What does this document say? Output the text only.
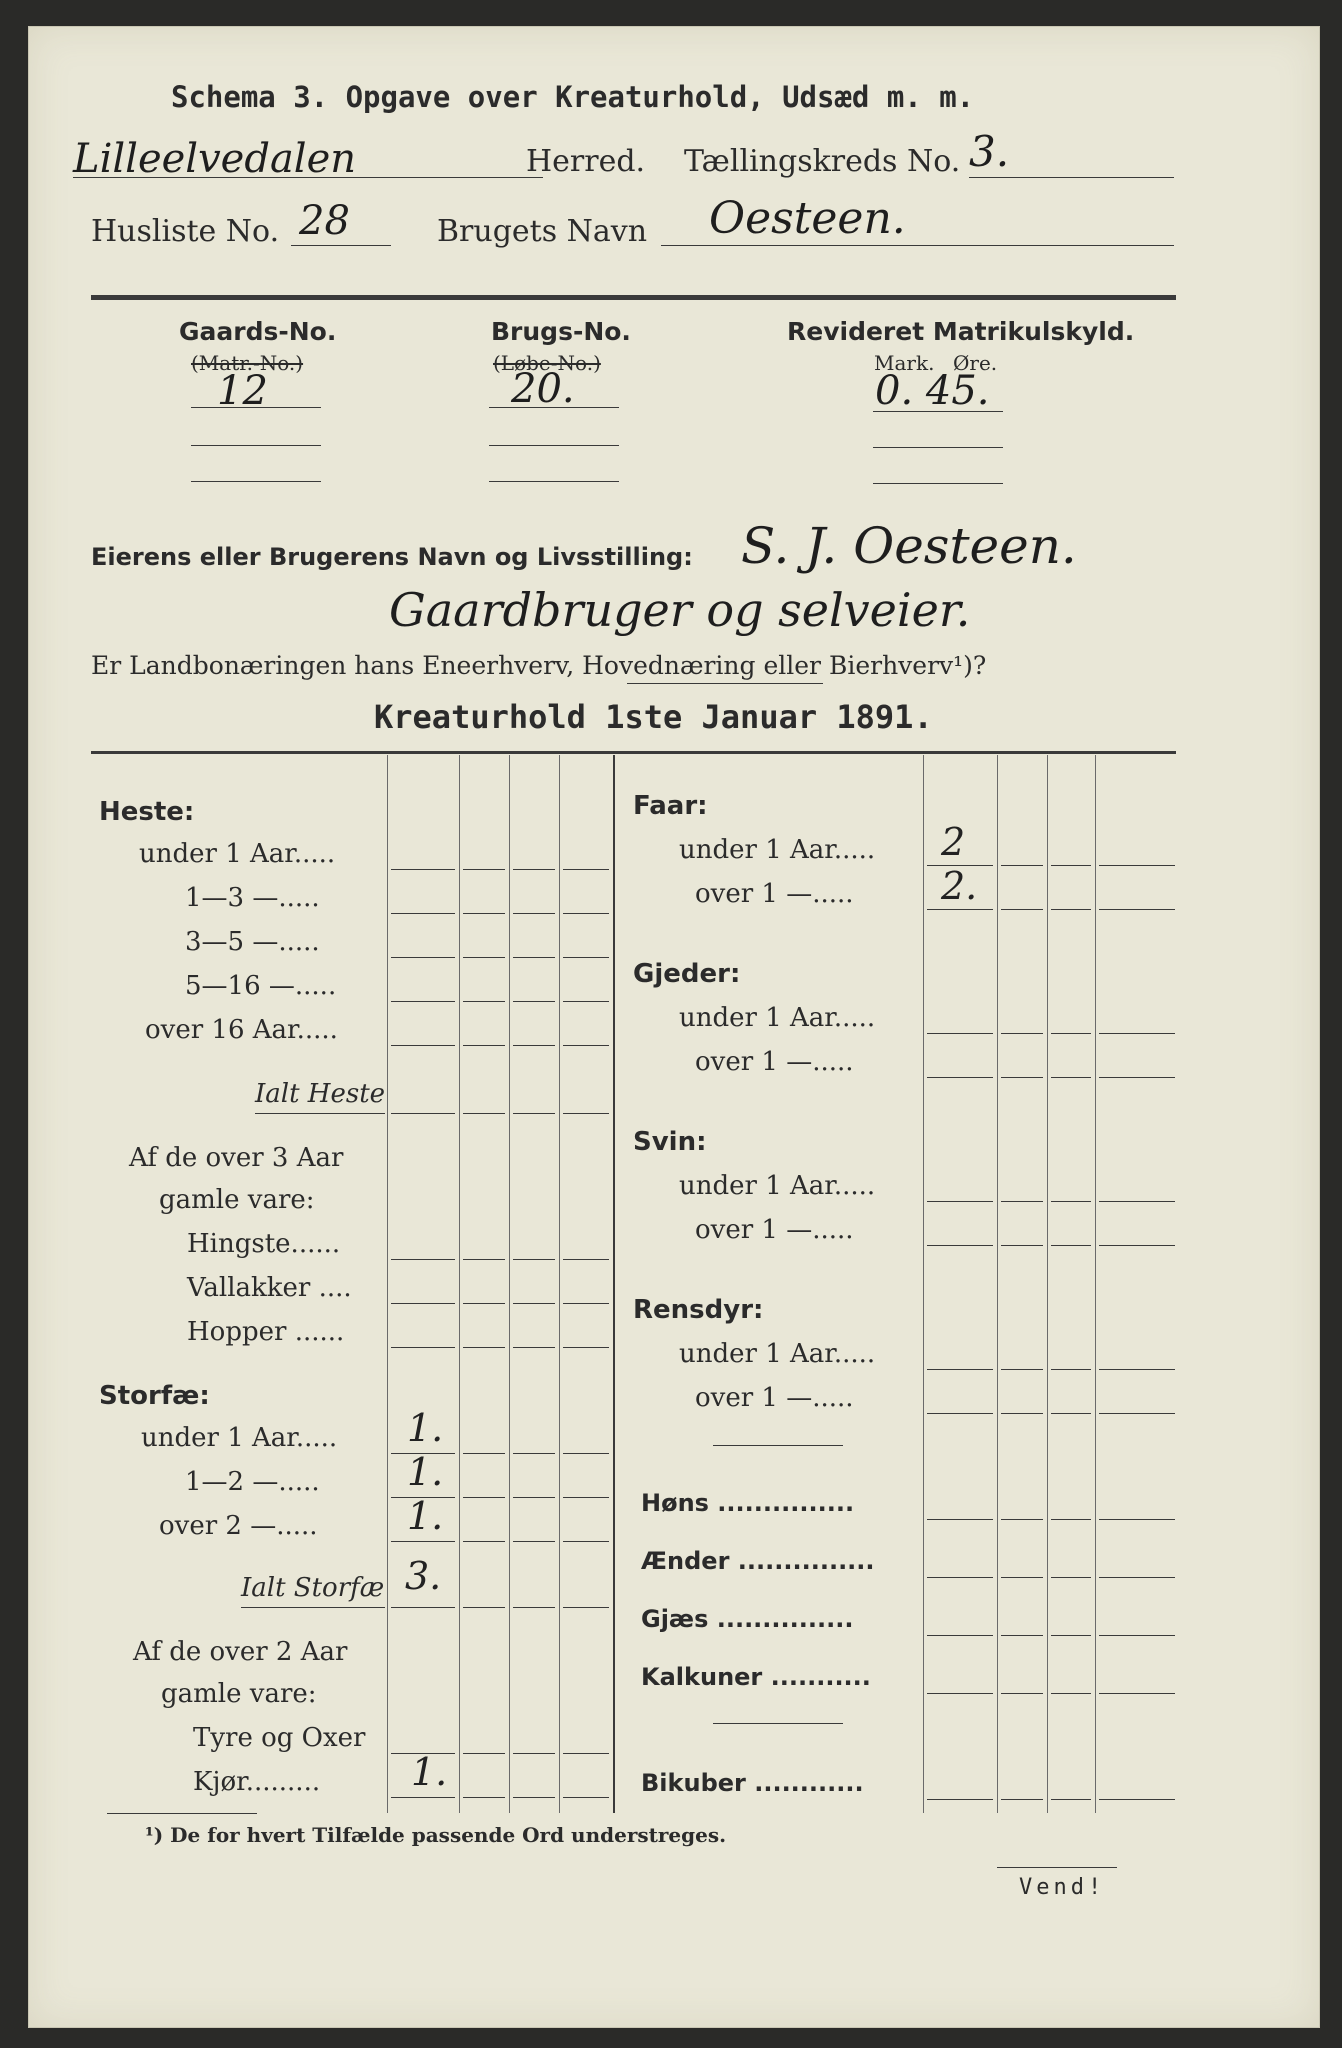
Schema 3. Opgave over Kreaturhold, Udsæd m. m.
Lilleelvedalen	Herred. Tællingskreds No. 3.
Husliste No. 28	Brugets Navn Oesteen.
Gaards-No.
(Matr.-No.)
12
Brugs-No.
(Løbe-No.)
20.
Revideret Matrikulskyld.
Mark. Øre.
0. 45.
Eierens eller Brugerens Navn og Livsstilling: S. J. Oesteen.
Gaardbruger og selveier.
Er Landbonæringen hans Eneerhverv, Hovednæring eller Bierhverv¹)?
Kreaturhold 1ste Januar 1891.
Heste:
under 1 Aar.....
1—3 —.....
3—5 —.....
5—16 —.....
over 16 Aar.....
Ialt Heste
Af de over 3 Aar
gamle vare:
Hingste......
Vallakker ....
Hopper ......
Storfæ:
under 1 Aar.....
1—2 —.....
over 2 —.....
Ialt Storfæ
Af de over 2 Aar
gamle vare:
Tyre og Oxer
Kjør.........
1.
1.
1.
3.
1.
Faar:
under 1 Aar.....
over 1 —.....
2
2.
Gjeder:
under 1 Aar.....
over 1 —.....
Svin:
under 1 Aar.....
over 1 —.....
Rensdyr:
under 1 Aar.....
over 1 —.....
Høns ...............
Ænder ...............
Gjæs ...............
Kalkuner ...........
Bikuber ............
¹) De for hvert Tilfælde passende Ord understreges.
Vend!
